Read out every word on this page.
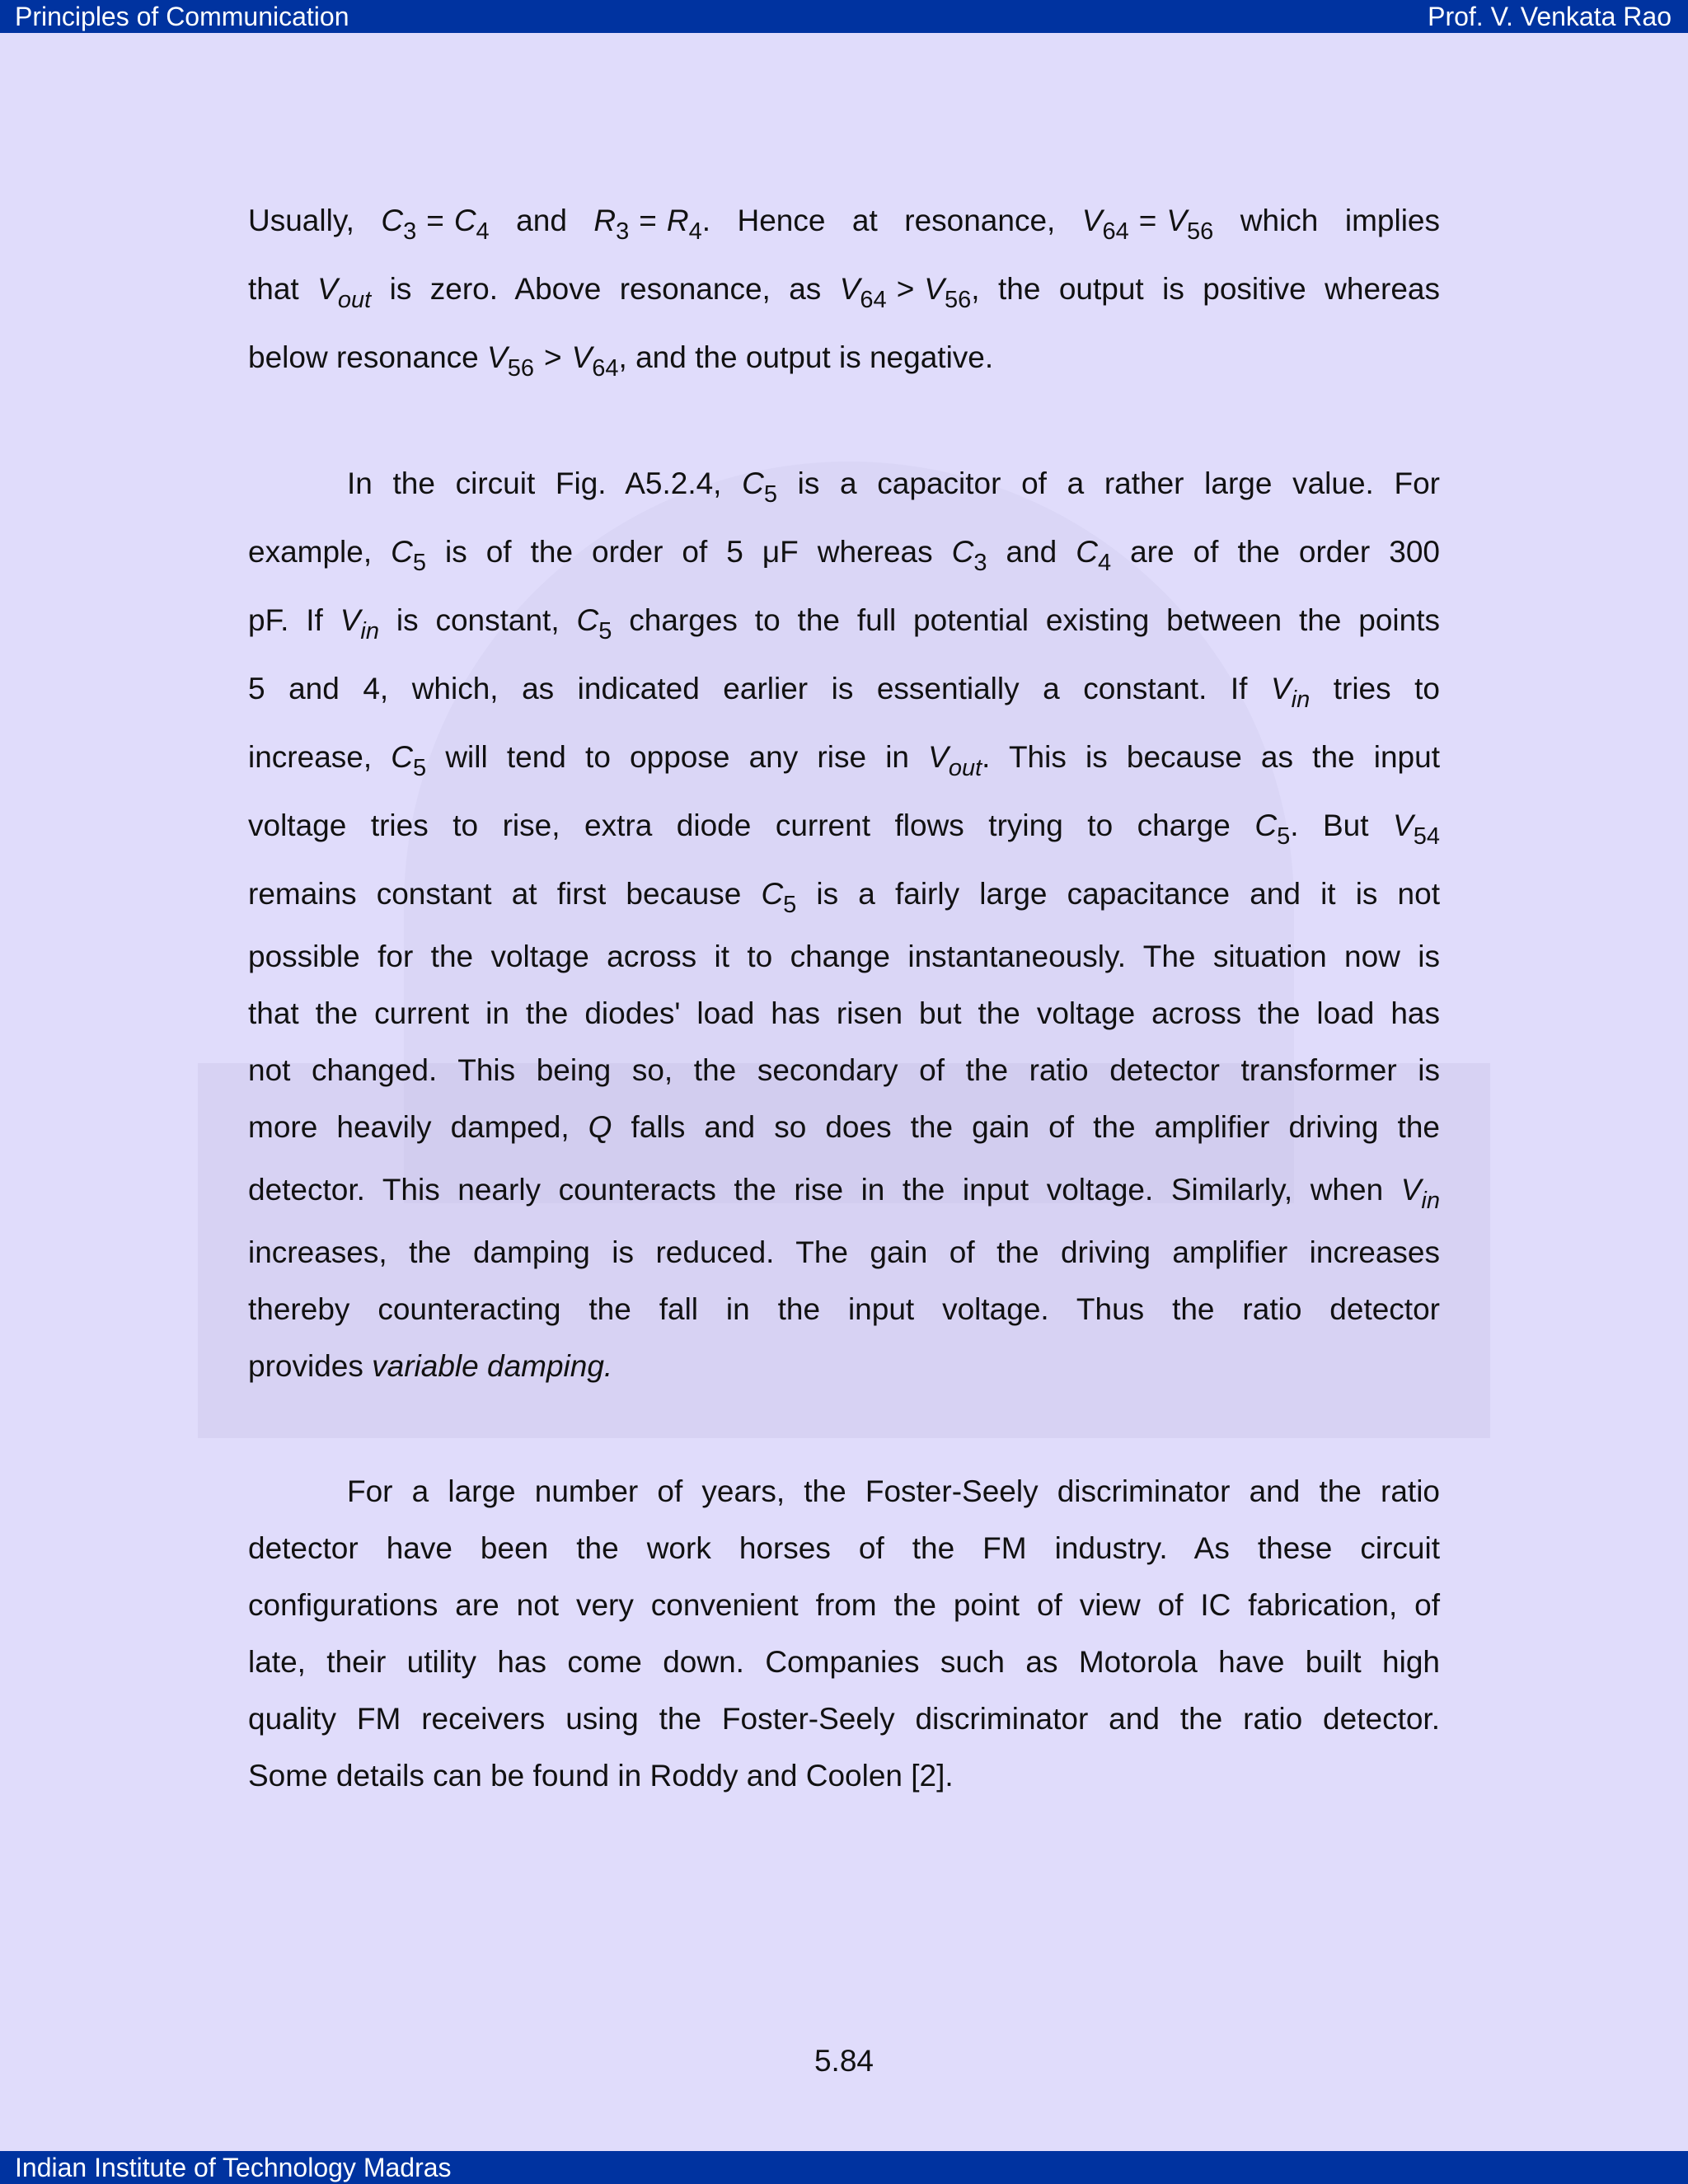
Principles of Communication	Prof. V. Venkata Rao
Usually, $C_3 = C_4$ and $R_3 = R_4$. Hence at resonance, $V_{64} = V_{56}$ which implies
that $V_{out}$ is zero. Above resonance, as $V_{64} > V_{56}$, the output is positive whereas
below resonance $V_{56} > V_{64}$, and the output is negative.
In the circuit Fig. A5.2.4, $C_5$ is a capacitor of a rather large value. For
example, $C_5$ is of the order of 5 μF whereas $C_3$ and $C_4$ are of the order 300
pF. If $V_{in}$ is constant, $C_5$ charges to the full potential existing between the points
5 and 4, which, as indicated earlier is essentially a constant. If $V_{in}$ tries to
increase, $C_5$ will tend to oppose any rise in $V_{out}$. This is because as the input
voltage tries to rise, extra diode current flows trying to charge $C_5$. But $V_{54}$
remains constant at first because $C_5$ is a fairly large capacitance and it is not
possible for the voltage across it to change instantaneously. The situation now is
that the current in the diodes' load has risen but the voltage across the load has
not changed. This being so, the secondary of the ratio detector transformer is
more heavily damped, Q falls and so does the gain of the amplifier driving the
detector. This nearly counteracts the rise in the input voltage. Similarly, when $V_{in}$
increases, the damping is reduced. The gain of the driving amplifier increases
thereby counteracting the fall in the input voltage. Thus the ratio detector
provides variable damping.
For a large number of years, the Foster-Seely discriminator and the ratio
detector have been the work horses of the FM industry. As these circuit
configurations are not very convenient from the point of view of IC fabrication, of
late, their utility has come down. Companies such as Motorola have built high
quality FM receivers using the Foster-Seely discriminator and the ratio detector.
Some details can be found in Roddy and Coolen [2].
5.84
Indian Institute of Technology Madras
